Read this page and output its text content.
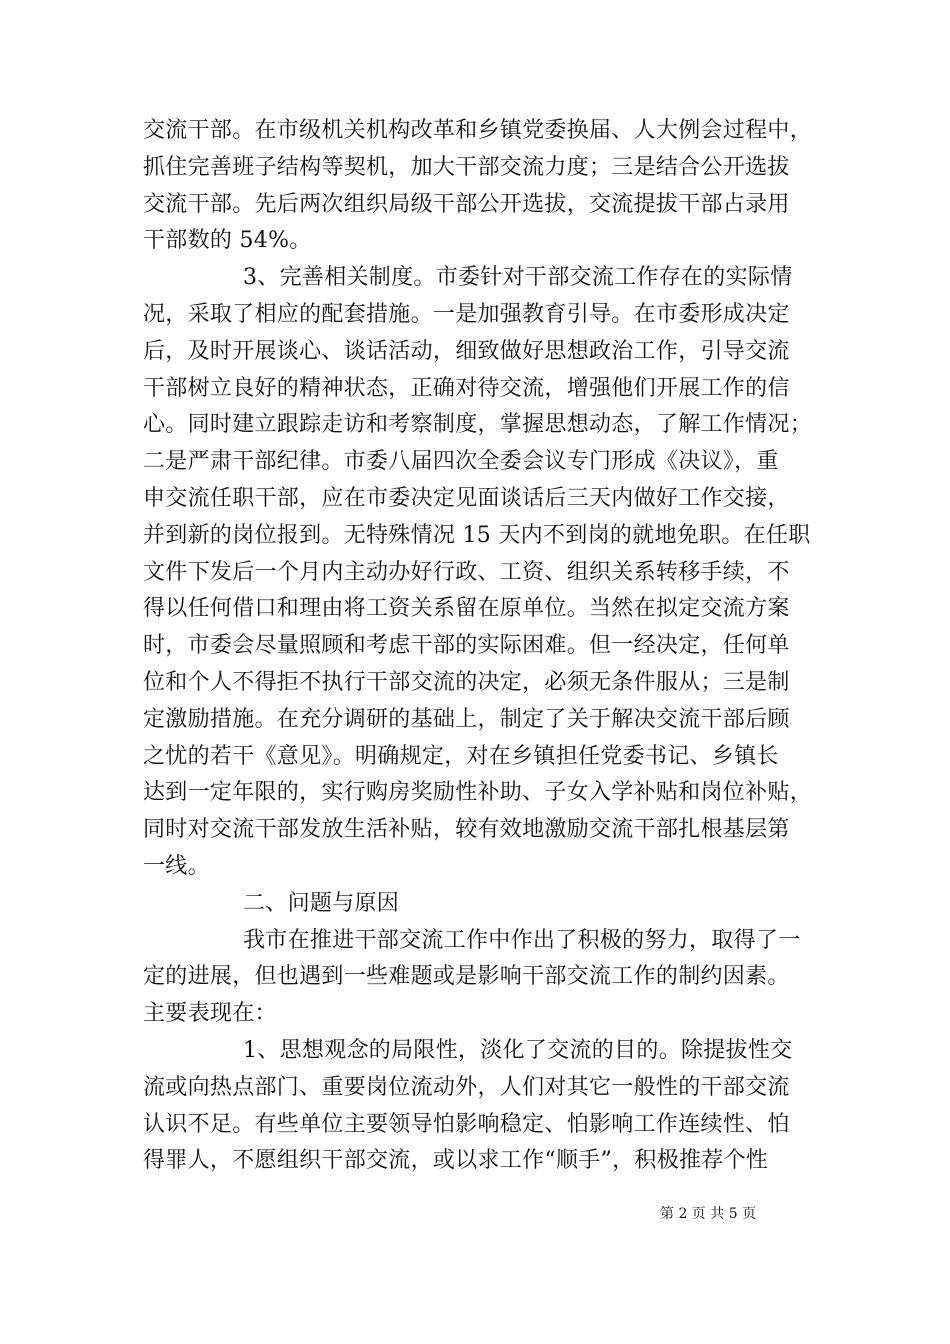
交流干部。在市级机关机构改革和乡镇党委换届、人大例会过程中，
抓住完善班子结构等契机，加大干部交流力度；三是结合公开选拔
交流干部。先后两次组织局级干部公开选拔，交流提拔干部占录用
干部数的 54%。
3、完善相关制度。市委针对干部交流工作存在的实际情
况，采取了相应的配套措施。一是加强教育引导。在市委形成决定
后，及时开展谈心、谈话活动，细致做好思想政治工作，引导交流
干部树立良好的精神状态，正确对待交流，增强他们开展工作的信
心。同时建立跟踪走访和考察制度，掌握思想动态，了解工作情况；
二是严肃干部纪律。市委八届四次全委会议专门形成《决议》，重
申交流任职干部，应在市委决定见面谈话后三天内做好工作交接，
并到新的岗位报到。无特殊情况 15 天内不到岗的就地免职。在任职
文件下发后一个月内主动办好行政、工资、组织关系转移手续，不
得以任何借口和理由将工资关系留在原单位。当然在拟定交流方案
时，市委会尽量照顾和考虑干部的实际困难。但一经决定，任何单
位和个人不得拒不执行干部交流的决定，必须无条件服从；三是制
定激励措施。在充分调研的基础上，制定了关于解决交流干部后顾
之忧的若干《意见》。明确规定，对在乡镇担任党委书记、乡镇长
达到一定年限的，实行购房奖励性补助、子女入学补贴和岗位补贴，
同时对交流干部发放生活补贴，较有效地激励交流干部扎根基层第
一线。
二、问题与原因
我市在推进干部交流工作中作出了积极的努力，取得了一
定的进展，但也遇到一些难题或是影响干部交流工作的制约因素。
主要表现在：
1、思想观念的局限性，淡化了交流的目的。除提拔性交
流或向热点部门、重要岗位流动外，人们对其它一般性的干部交流
认识不足。有些单位主要领导怕影响稳定、怕影响工作连续性、怕
得罪人，不愿组织干部交流，或以求工作“顺手”，积极推荐个性
第 2 页 共 5 页
